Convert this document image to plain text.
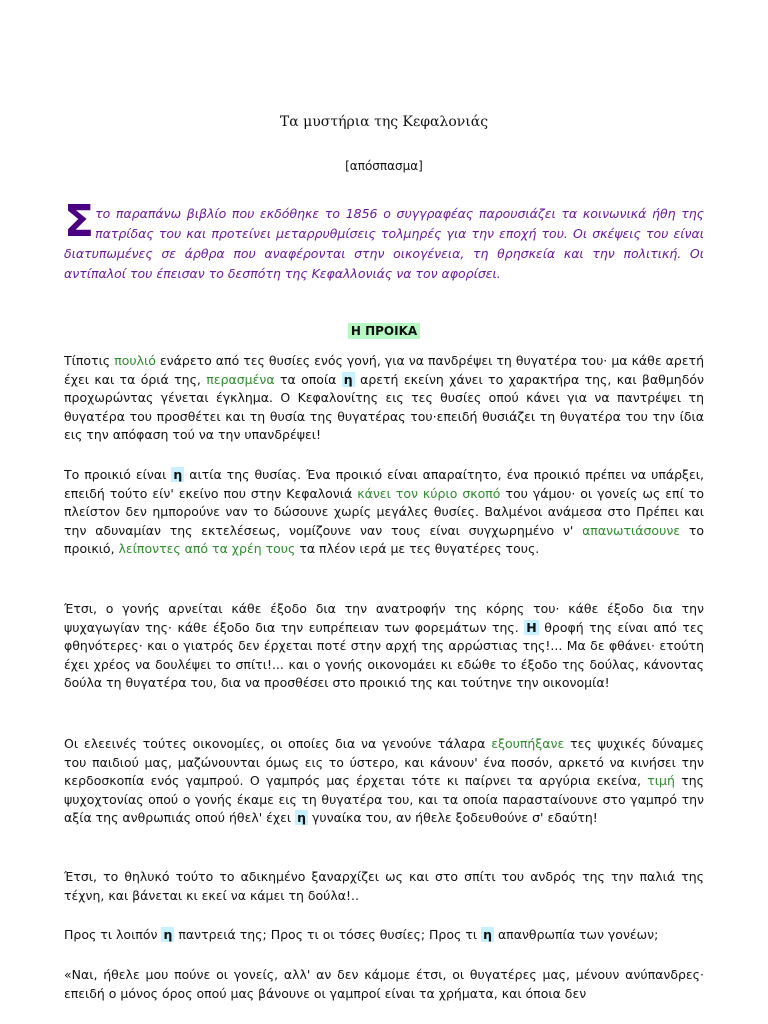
Τα μυστήρια της Κεφαλονιάς
[απόσπασμα]
Στο παραπάνω βιβλίο που εκδόθηκε το 1856 ο συγγραφέας παρουσιάζει τα κοινωνικά ήθη της πατρίδας του και προτείνει μεταρρυθμίσεις τολμηρές για την εποχή του. Οι σκέψεις του είναι διατυπωμένες σε άρθρα που αναφέρονται στην οικογένεια, τη θρησκεία και την πολιτική. Οι αντίπαλοί του έπεισαν το δεσπότη της Κεφαλλονιάς να τον αφορίσει.
Η ΠΡΟΙΚΑ
Τίποτις πουλιό ενάρετο από τες θυσίες ενός γονή, για να πανδρέψει τη θυγατέρα του· μα κάθε αρετή έχει και τα όριά της, περασμένα τα οποία η αρετή εκείνη χάνει το χαρακτήρα της, και βαθμηδόν προχωρώντας γένεται έγκλημα. Ο Κεφαλονίτης εις τες θυσίες οπού κάνει για να παντρέψει τη θυγατέρα του προσθέτει και τη θυσία της θυγατέρας του·επειδή θυσιάζει τη θυγατέρα του την ίδια εις την απόφαση τού να την υπανδρέψει!
Το προικιό είναι η αιτία της θυσίας. Ένα προικιό είναι απαραίτητο, ένα προικιό πρέπει να υπάρξει, επειδή τούτο είν' εκείνο που στην Κεφαλονιά κάνει τον κύριο σκοπό του γάμου· οι γονείς ως επί το πλείστον δεν ημπορούνε ναν το δώσουνε χωρίς μεγάλες θυσίες. Βαλμένοι ανάμεσα στο Πρέπει και την αδυναμίαν της εκτελέσεως, νομίζουνε ναν τους είναι συγχωρημένο ν' απανωτιάσουνε το προικιό, λείποντες από τα χρέη τους τα πλέον ιερά με τες θυγατέρες τους.
Έτσι, ο γονής αρνείται κάθε έξοδο δια την ανατροφήν της κόρης του· κάθε έξοδο δια την ψυχαγωγίαν της· κάθε έξοδο δια την ευπρέπειαν των φορεμάτων της. Η θροφή της είναι από τες φθηνότερες· και ο γιατρός δεν έρχεται ποτέ στην αρχή της αρρώστιας της!... Μα δε φθάνει· ετούτη έχει χρέος να δουλέψει το σπίτι!... και ο γονής οικονομάει κι εδώθε το έξοδο της δούλας, κάνοντας δούλα τη θυγατέρα του, δια να προσθέσει στο προικιό της και τούτηνε την οικονομία!
Οι ελεεινές τούτες οικονομίες, οι οποίες δια να γενούνε τάλαρα εξουπήξανε τες ψυχικές δύναμες του παιδιού μας, μαζώνουνται όμως εις το ύστερο, και κάνουν' ένα ποσόν, αρκετό να κινήσει την κερδοσκοπία ενός γαμπρού. Ο γαμπρός μας έρχεται τότε κι παίρνει τα αργύρια εκείνα, τιμή της ψυχοχτονίας οπού ο γονής έκαμε εις τη θυγατέρα του, και τα οποία παρασταίνουνε στο γαμπρό την αξία της ανθρωπιάς οπού ήθελ' έχει η γυναίκα του, αν ήθελε ξοδευθούνε σ' εδαύτη!
Έτσι, το θηλυκό τούτο το αδικημένο ξαναρχίζει ως και στο σπίτι του ανδρός της την παλιά της τέχνη, και βάνεται κι εκεί να κάμει τη δούλα!..
Προς τι λοιπόν η παντρειά της; Προς τι οι τόσες θυσίες; Προς τι η απανθρωπία των γονέων;
«Ναι, ήθελε μου πούνε οι γονείς, αλλ' αν δεν κάμομε έτσι, οι θυγατέρες μας, μένουν ανύπανδρες· επειδή ο μόνος όρος οπού μας βάνουνε οι γαμπροί είναι τα χρήματα, και όποια δεν
